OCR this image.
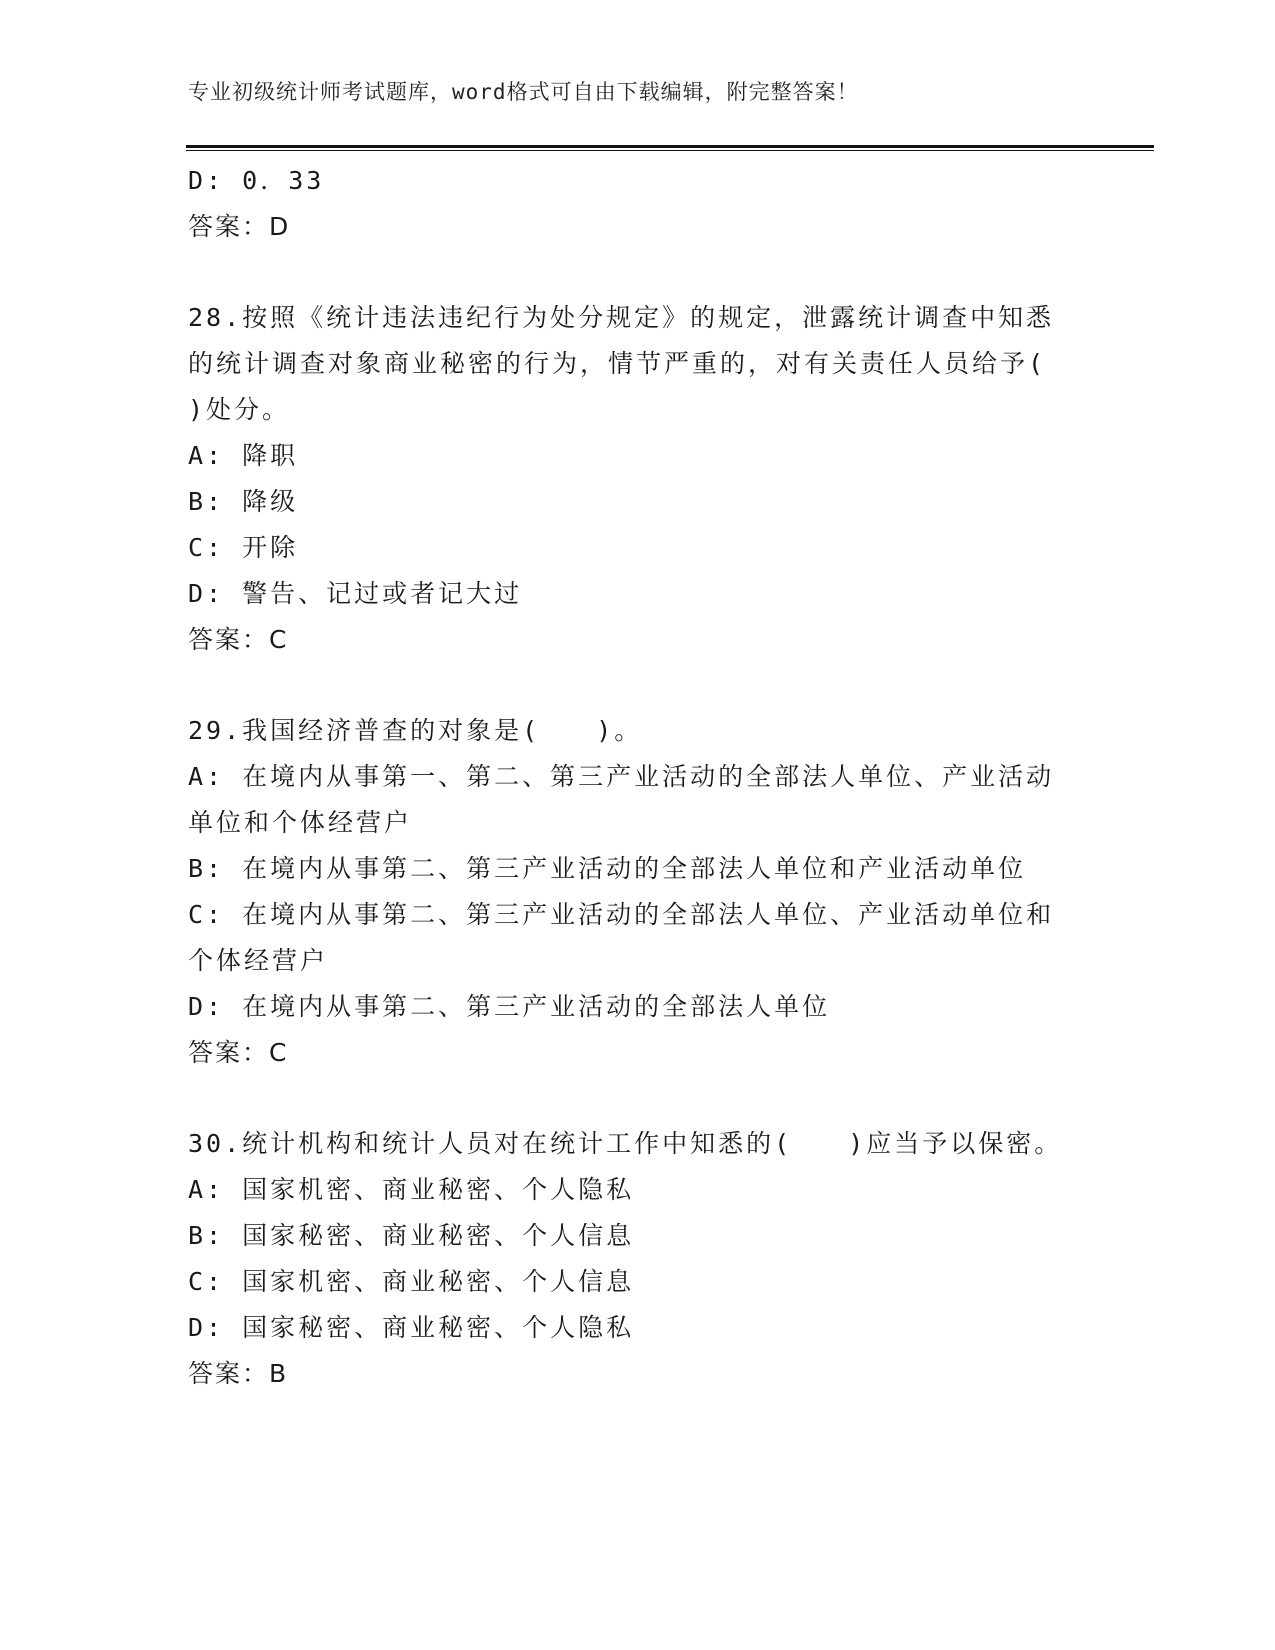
专业初级统计师考试题库，word格式可自由下载编辑，附完整答案！
D: 0．33
答案：D
28.按照《统计违法违纪行为处分规定》的规定，泄露统计调查中知悉
的统计调查对象商业秘密的行为，情节严重的，对有关责任人员给予(
)处分。
A: 降职
B: 降级
C: 开除
D: 警告、记过或者记大过
答案：C
29.我国经济普查的对象是(　　)。
A: 在境内从事第一、第二、第三产业活动的全部法人单位、产业活动
单位和个体经营户
B: 在境内从事第二、第三产业活动的全部法人单位和产业活动单位
C: 在境内从事第二、第三产业活动的全部法人单位、产业活动单位和
个体经营户
D: 在境内从事第二、第三产业活动的全部法人单位
答案：C
30.统计机构和统计人员对在统计工作中知悉的(　　)应当予以保密。
A: 国家机密、商业秘密、个人隐私
B: 国家秘密、商业秘密、个人信息
C: 国家机密、商业秘密、个人信息
D: 国家秘密、商业秘密、个人隐私
答案：B
